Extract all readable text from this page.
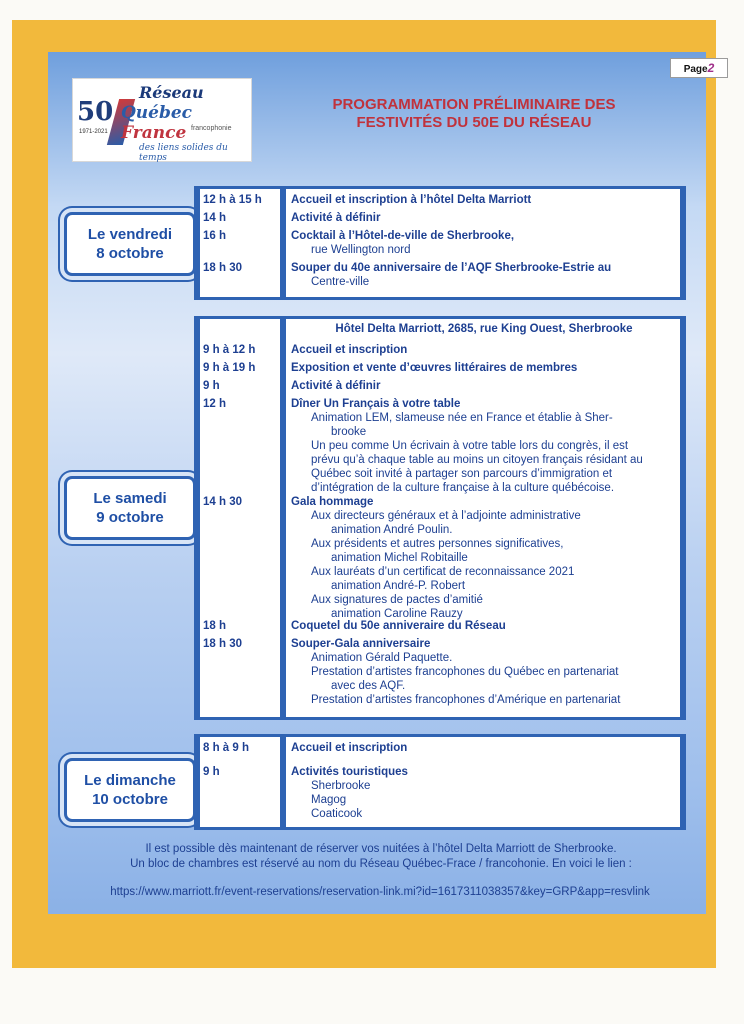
Page2
50
1971-2021
Réseau
Québec France francophonie
des liens solides du temps
PROGRAMMATION PRÉLIMINAIRE DES
FESTIVITÉS DU 50E DU RÉSEAU
Le vendredi
8 octobre
12 h à 15 h	Accueil et inscription à l’hôtel Delta Marriott
14 h	Activité à définir
16 h	Cocktail à l’Hôtel-de-ville de Sherbrooke,
rue Wellington nord
18 h 30	Souper du 40e anniversaire de l’AQF Sherbrooke-Estrie au
Centre-ville
Le samedi
9 octobre
Hôtel Delta Marriott, 2685, rue King Ouest, Sherbrooke
9 h à 12 h	Accueil et inscription
9 h à 19 h	Exposition et vente d’œuvres littéraires de membres
9 h	Activité à définir
12 h	Dîner Un Français à votre table
Animation LEM, slameuse née en France et établie à Sher-
brooke
Un peu comme Un écrivain à votre table lors du congrès, il est
prévu qu’à chaque table au moins un citoyen français résidant au
Québec soit invité à partager son parcours d’immigration et
d’intégration de la culture française à la culture québécoise.
14 h 30	Gala hommage
Aux directeurs généraux et à l’adjointe administrative
animation André Poulin.
Aux présidents et autres personnes significatives,
animation Michel Robitaille
Aux lauréats d’un certificat de reconnaissance 2021
animation André-P. Robert
Aux signatures de pactes d’amitié
animation Caroline Rauzy
18 h	Coquetel du 50e anniveraire du Réseau
18 h 30	Souper-Gala anniversaire
Animation Gérald Paquette.
Prestation d’artistes francophones du Québec en partenariat
avec des AQF.
Prestation d’artistes francophones d’Amérique en partenariat
Le dimanche
10 octobre
8 h à 9 h	Accueil et inscription
9 h	Activités touristiques
Sherbrooke
Magog
Coaticook
Il est possible dès maintenant de réserver vos nuitées à l’hôtel Delta Marriott de Sherbrooke.
Un bloc de chambres est réservé au nom du Réseau Québec-Frace / francohonie. En voici le lien :
https://www.marriott.fr/event-reservations/reservation-link.mi?id=1617311038357&key=GRP&app=resvlink
